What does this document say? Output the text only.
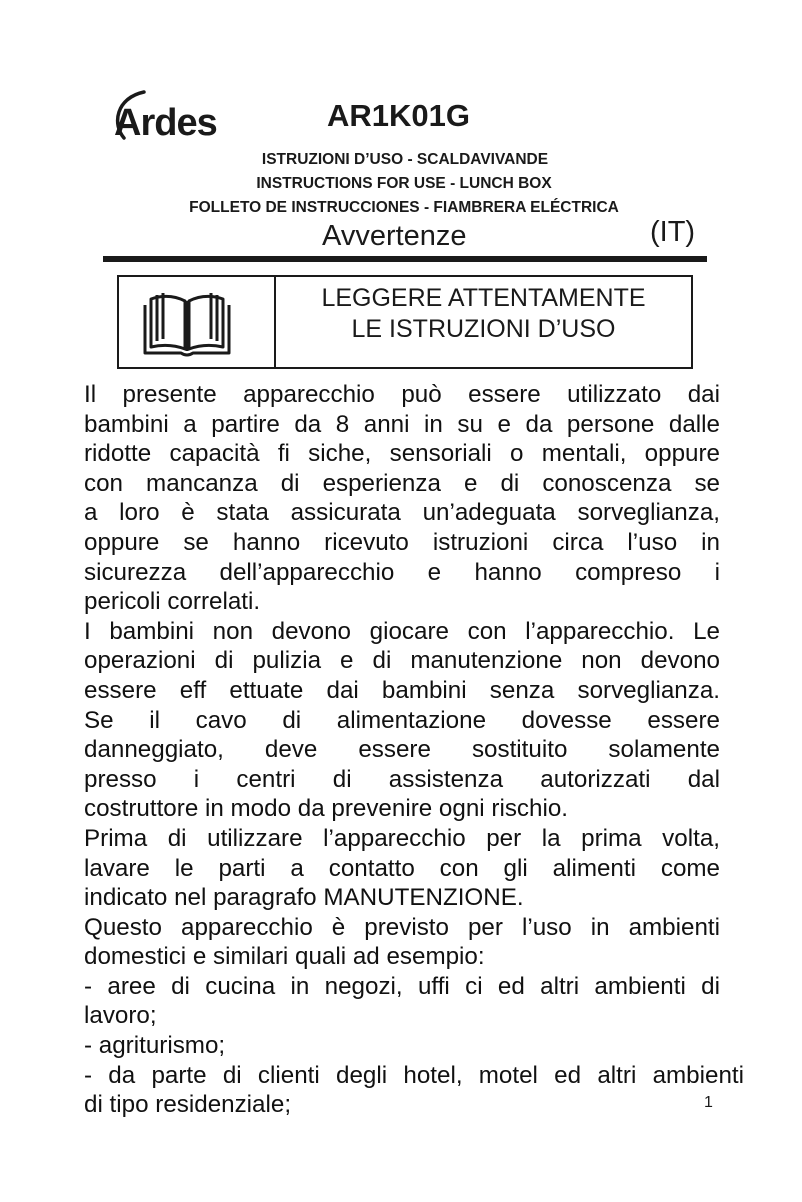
Ardes	AR1K01G
ISTRUZIONI D’USO - SCALDAVIVANDE
INSTRUCTIONS FOR USE - LUNCH BOX
FOLLETO DE INSTRUCCIONES - FIAMBRERA ELÉCTRICA
Avvertenze	(IT)
LEGGERE ATTENTAMENTE
LE ISTRUZIONI D’USO
Il presente apparecchio può essere utilizzato dai
bambini a partire da 8 anni in su e da persone dalle
ridotte capacità fi siche, sensoriali o mentali, oppure
con mancanza di esperienza e di conoscenza se
a loro è stata assicurata un’adeguata sorveglianza,
oppure se hanno ricevuto istruzioni circa l’uso in
sicurezza dell’apparecchio e hanno compreso i
pericoli correlati.
I bambini non devono giocare con l’apparecchio. Le
operazioni di pulizia e di manutenzione non devono
essere eff ettuate dai bambini senza sorveglianza.
Se il cavo di alimentazione dovesse essere
danneggiato, deve essere sostituito solamente
presso i centri di assistenza autorizzati dal
costruttore in modo da prevenire ogni rischio.
Prima di utilizzare l’apparecchio per la prima volta,
lavare le parti a contatto con gli alimenti come
indicato nel paragrafo MANUTENZIONE.
Questo apparecchio è previsto per l’uso in ambienti
domestici e similari quali ad esempio:
- aree di cucina in negozi, uffi ci ed altri ambienti di
lavoro;
- agriturismo;
- da parte di clienti degli hotel, motel ed altri ambienti
di tipo residenziale;	1
